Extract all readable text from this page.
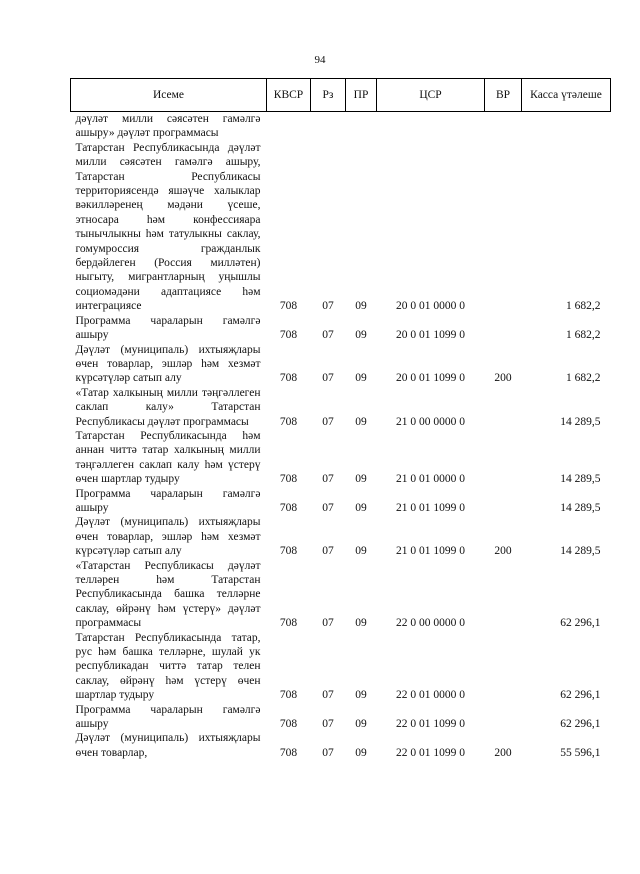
94
Исеме	КВСР	Рз	ПР	ЦСР	ВР	Касса үтәлеше
дәүләт милли сәясәтен гамәлгә ашыру» дәүләт программасы						
Татарстан Республикасында дәүләт милли сәясәтен гамәлгә ашыру, Татарстан Республикасы территориясендә яшәүче халыклар вәкилләренең мәдәни үсеше, этносара һәм конфессияара тынычлыкны һәм татулыкны саклау, гомумроссия гражданлык бердәйлеген (Россия милләтен) ныгыту, мигрантларның уңышлы социомәдәни адаптациясе һәм интеграциясе	708	07	09	20 0 01 0000 0		1 682,2
Программа чараларын гамәлгә ашыру	708	07	09	20 0 01 1099 0		1 682,2
Дәүләт (муниципаль) ихтыяҗлары өчен товарлар, эшләр һәм хезмәт күрсәтүләр сатып алу	708	07	09	20 0 01 1099 0	200	1 682,2
«Татар халкының милли тәңгәллеген саклап калу» Татарстан Республикасы дәүләт программасы	708	07	09	21 0 00 0000 0		14 289,5
Татарстан Республикасында һәм аннан читтә татар халкының милли тәңгәллеген саклап калу һәм үстерү өчен шартлар тудыру	708	07	09	21 0 01 0000 0		14 289,5
Программа чараларын гамәлгә ашыру	708	07	09	21 0 01 1099 0		14 289,5
Дәүләт (муниципаль) ихтыяҗлары өчен товарлар, эшләр һәм хезмәт күрсәтүләр сатып алу	708	07	09	21 0 01 1099 0	200	14 289,5
«Татарстан Республикасы дәүләт телләрен һәм Татарстан Республикасында башка телләрне саклау, өйрәнү һәм үстерү» дәүләт программасы	708	07	09	22 0 00 0000 0		62 296,1
Татарстан Республикасында татар, рус һәм башка телләрне, шулай ук республикадан читтә татар телен саклау, өйрәнү һәм үстерү өчен шартлар тудыру	708	07	09	22 0 01 0000 0		62 296,1
Программа чараларын гамәлгә ашыру	708	07	09	22 0 01 1099 0		62 296,1
Дәүләт (муниципаль) ихтыяҗлары өчен товарлар,	708	07	09	22 0 01 1099 0	200	55 596,1
